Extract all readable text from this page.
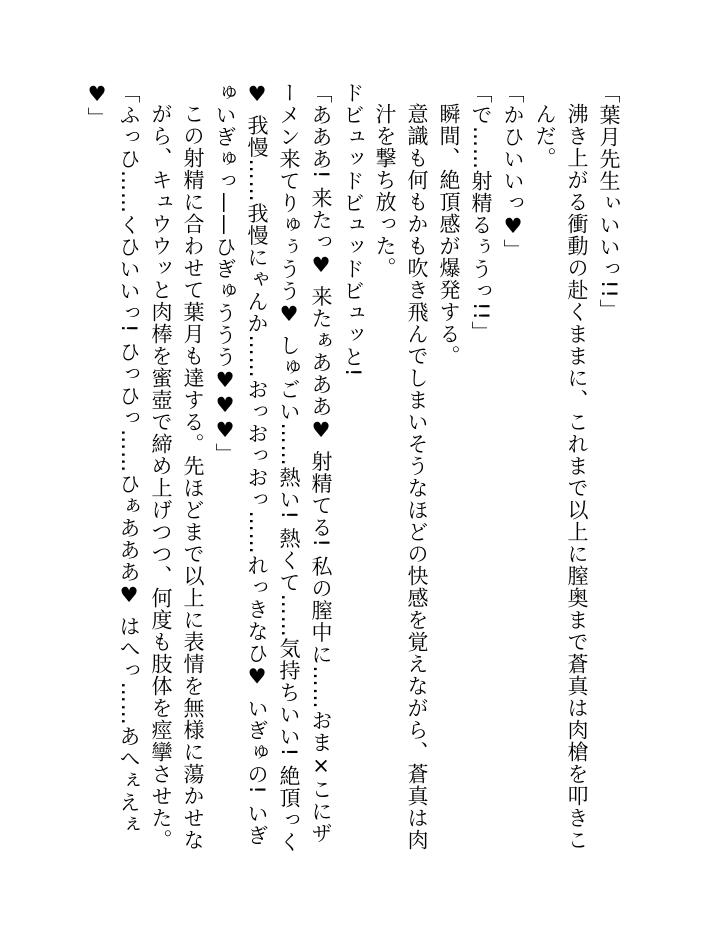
「葉月先生ぃいいっ!!」
沸き上がる衝動の赴くままに、これまで以上に膣奥まで蒼真は肉槍を叩きこんだ。
「かひいいっ♥」
「で……射精るぅうっ!!」
瞬間、絶頂感が爆発する。
意識も何もかも吹き飛んでしまいそうなほどの快感を覚えながら、蒼真は肉汁を撃ち放った。
ドビュッドビュッドビュッと!
「あああ! 来たっ♥ 来たぁあああ♥ 射精てる! 私の膣中に……おま×こにザーメン来てりゅぅうう♥ しゅごい……熱い! 熱くて……気持ちいい! 絶頂っく♥ 我慢……我慢にゃんか……おっおっおっ……れっきなひ♥ いぎゅの! いぎゅいぎゅっ——ひぎゅううう♥♥♥」
この射精に合わせて葉月も達する。先ほどまで以上に表情を無様に蕩かせながら、キュウウッと肉棒を蜜壺で締め上げつつ、何度も肢体を痙攣させた。
「ふっひ……くひいいっ! ひっひっ……ひぁあああ♥ はへっ……あへぇえぇ♥」
